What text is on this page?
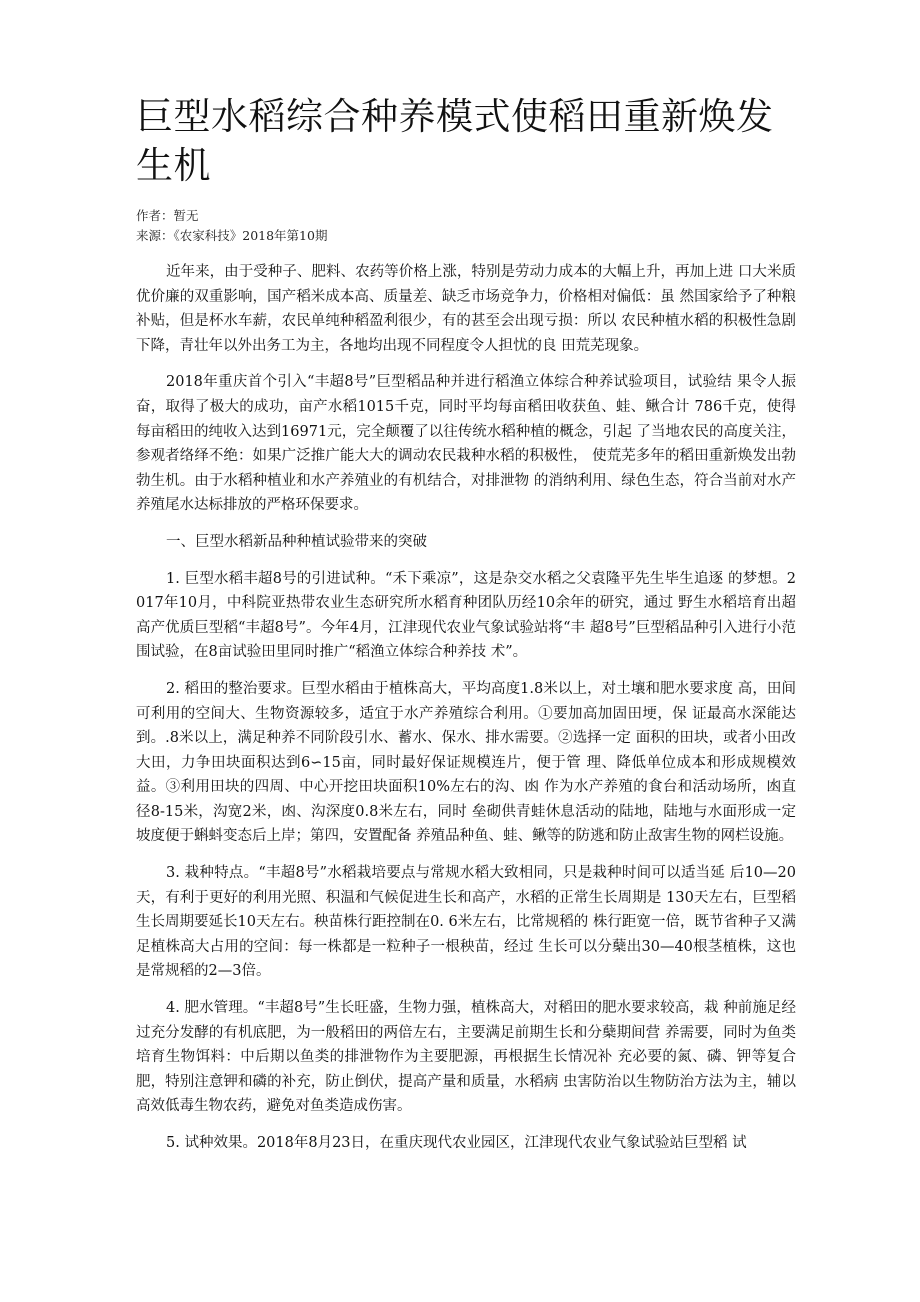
巨型水稻综合种养模式使稻田重新焕发生机
作者：暂无
来源：《农家科技》2018年第10期

近年来，由于受种子、肥料、农药等价格上涨，特别是劳动力成本的大幅上升，再加上进 口大米质优价廉的双重影响，国产稻米成本高、质量差、缺乏市场竞争力，价格相对偏低：虽 然国家给予了种粮补贴，但是杯水车薪，农民单纯种稻盈利很少，有的甚至会出现亏损：所以 农民种植水稻的积极性急剧下降，青壮年以外出务工为主，各地均出现不同程度令人担忧的良 田荒芜现象。

2018年重庆首个引入“丰超8号”巨型稻品种并进行稻渔立体综合种养试验项目，试验结 果令人振奋，取得了极大的成功，亩产水稻1015千克，同时平均每亩稻田收获鱼、蛙、鳅合计 786千克，使得每亩稻田的纯收入达到16971元，完全颠覆了以往传统水稻种植的概念，引起 了当地农民的高度关注，参观者络绎不绝：如果广泛推广能大大的调动农民栽种水稻的积极性， 使荒芜多年的稻田重新焕发出勃勃生机。由于水稻种植业和水产养殖业的有机结合，对排泄物 的消纳利用、绿色生态，符合当前对水产养殖尾水达标排放的严格环保要求。

一、巨型水稻新品种种植试验带来的突破

1. 巨型水稻丰超8号的引进试种。“禾下乘凉”，这是杂交水稻之父袁隆平先生毕生追逐 的梦想。2017年10月，中科院亚热带农业生态研究所水稻育种团队历经10余年的研究，通过 野生水稻培育出超高产优质巨型稻“丰超8号”。今年4月，江津现代农业气象试验站将“丰 超8号”巨型稻品种引入进行小范围试验，在8亩试验田里同时推广“稻渔立体综合种养技 术”。

2. 稻田的整治要求。巨型水稻由于植株高大，平均高度1.8米以上，对土壤和肥水要求度 高，田间可利用的空间大、生物资源较多，适宜于水产养殖综合利用。①要加高加固田埂，保 证最高水深能达到。.8米以上，满足种养不同阶段引水、蓄水、保水、排水需要。②选择一定 面积的田块，或者小田改大田，力争田块面积达到6∽15亩，同时最好保证规模连片，便于管 理、降低单位成本和形成规模效益。③利用田块的四周、中心开挖田块面积10%左右的沟、凼 作为水产养殖的食台和活动场所，凼直径8-15米，沟宽2米，凼、沟深度0.8米左右，同时 垒砌供青蛙休息活动的陆地，陆地与水面形成一定坡度便于蝌蚪变态后上岸；第四，安置配备 养殖品种鱼、蛙、鳅等的防逃和防止敌害生物的网栏设施。

3. 栽种特点。“丰超8号”水稻栽培要点与常规水稻大致相同，只是栽种时间可以适当延 后10—20天，有利于更好的利用光照、积温和气候促进生长和高产，水稻的正常生长周期是 130天左右，巨型稻生长周期要延长10天左右。秧苗株行距控制在0. 6米左右，比常规稻的 株行距宽一倍，既节省种子又满足植株高大占用的空间：每一株都是一粒种子一根秧苗，经过 生长可以分蘖出30—40根茎植株，这也是常规稻的2—3倍。

4. 肥水管理。“丰超8号”生长旺盛，生物力强，植株高大，对稻田的肥水要求较高，栽 种前施足经过充分发酵的有机底肥，为一般稻田的两倍左右，主要满足前期生长和分蘖期间营 养需要，同时为鱼类培育生物饵料：中后期以鱼类的排泄物作为主要肥源，再根据生长情况补 充必要的氮、磷、钾等复合肥，特别注意钾和磷的补充，防止倒伏，提高产量和质量，水稻病 虫害防治以生物防治方法为主，辅以高效低毒生物农药，避免对鱼类造成伤害。

5. 试种效果。2018年8月23日，在重庆现代农业园区，江津现代农业气象试验站巨型稻 试
